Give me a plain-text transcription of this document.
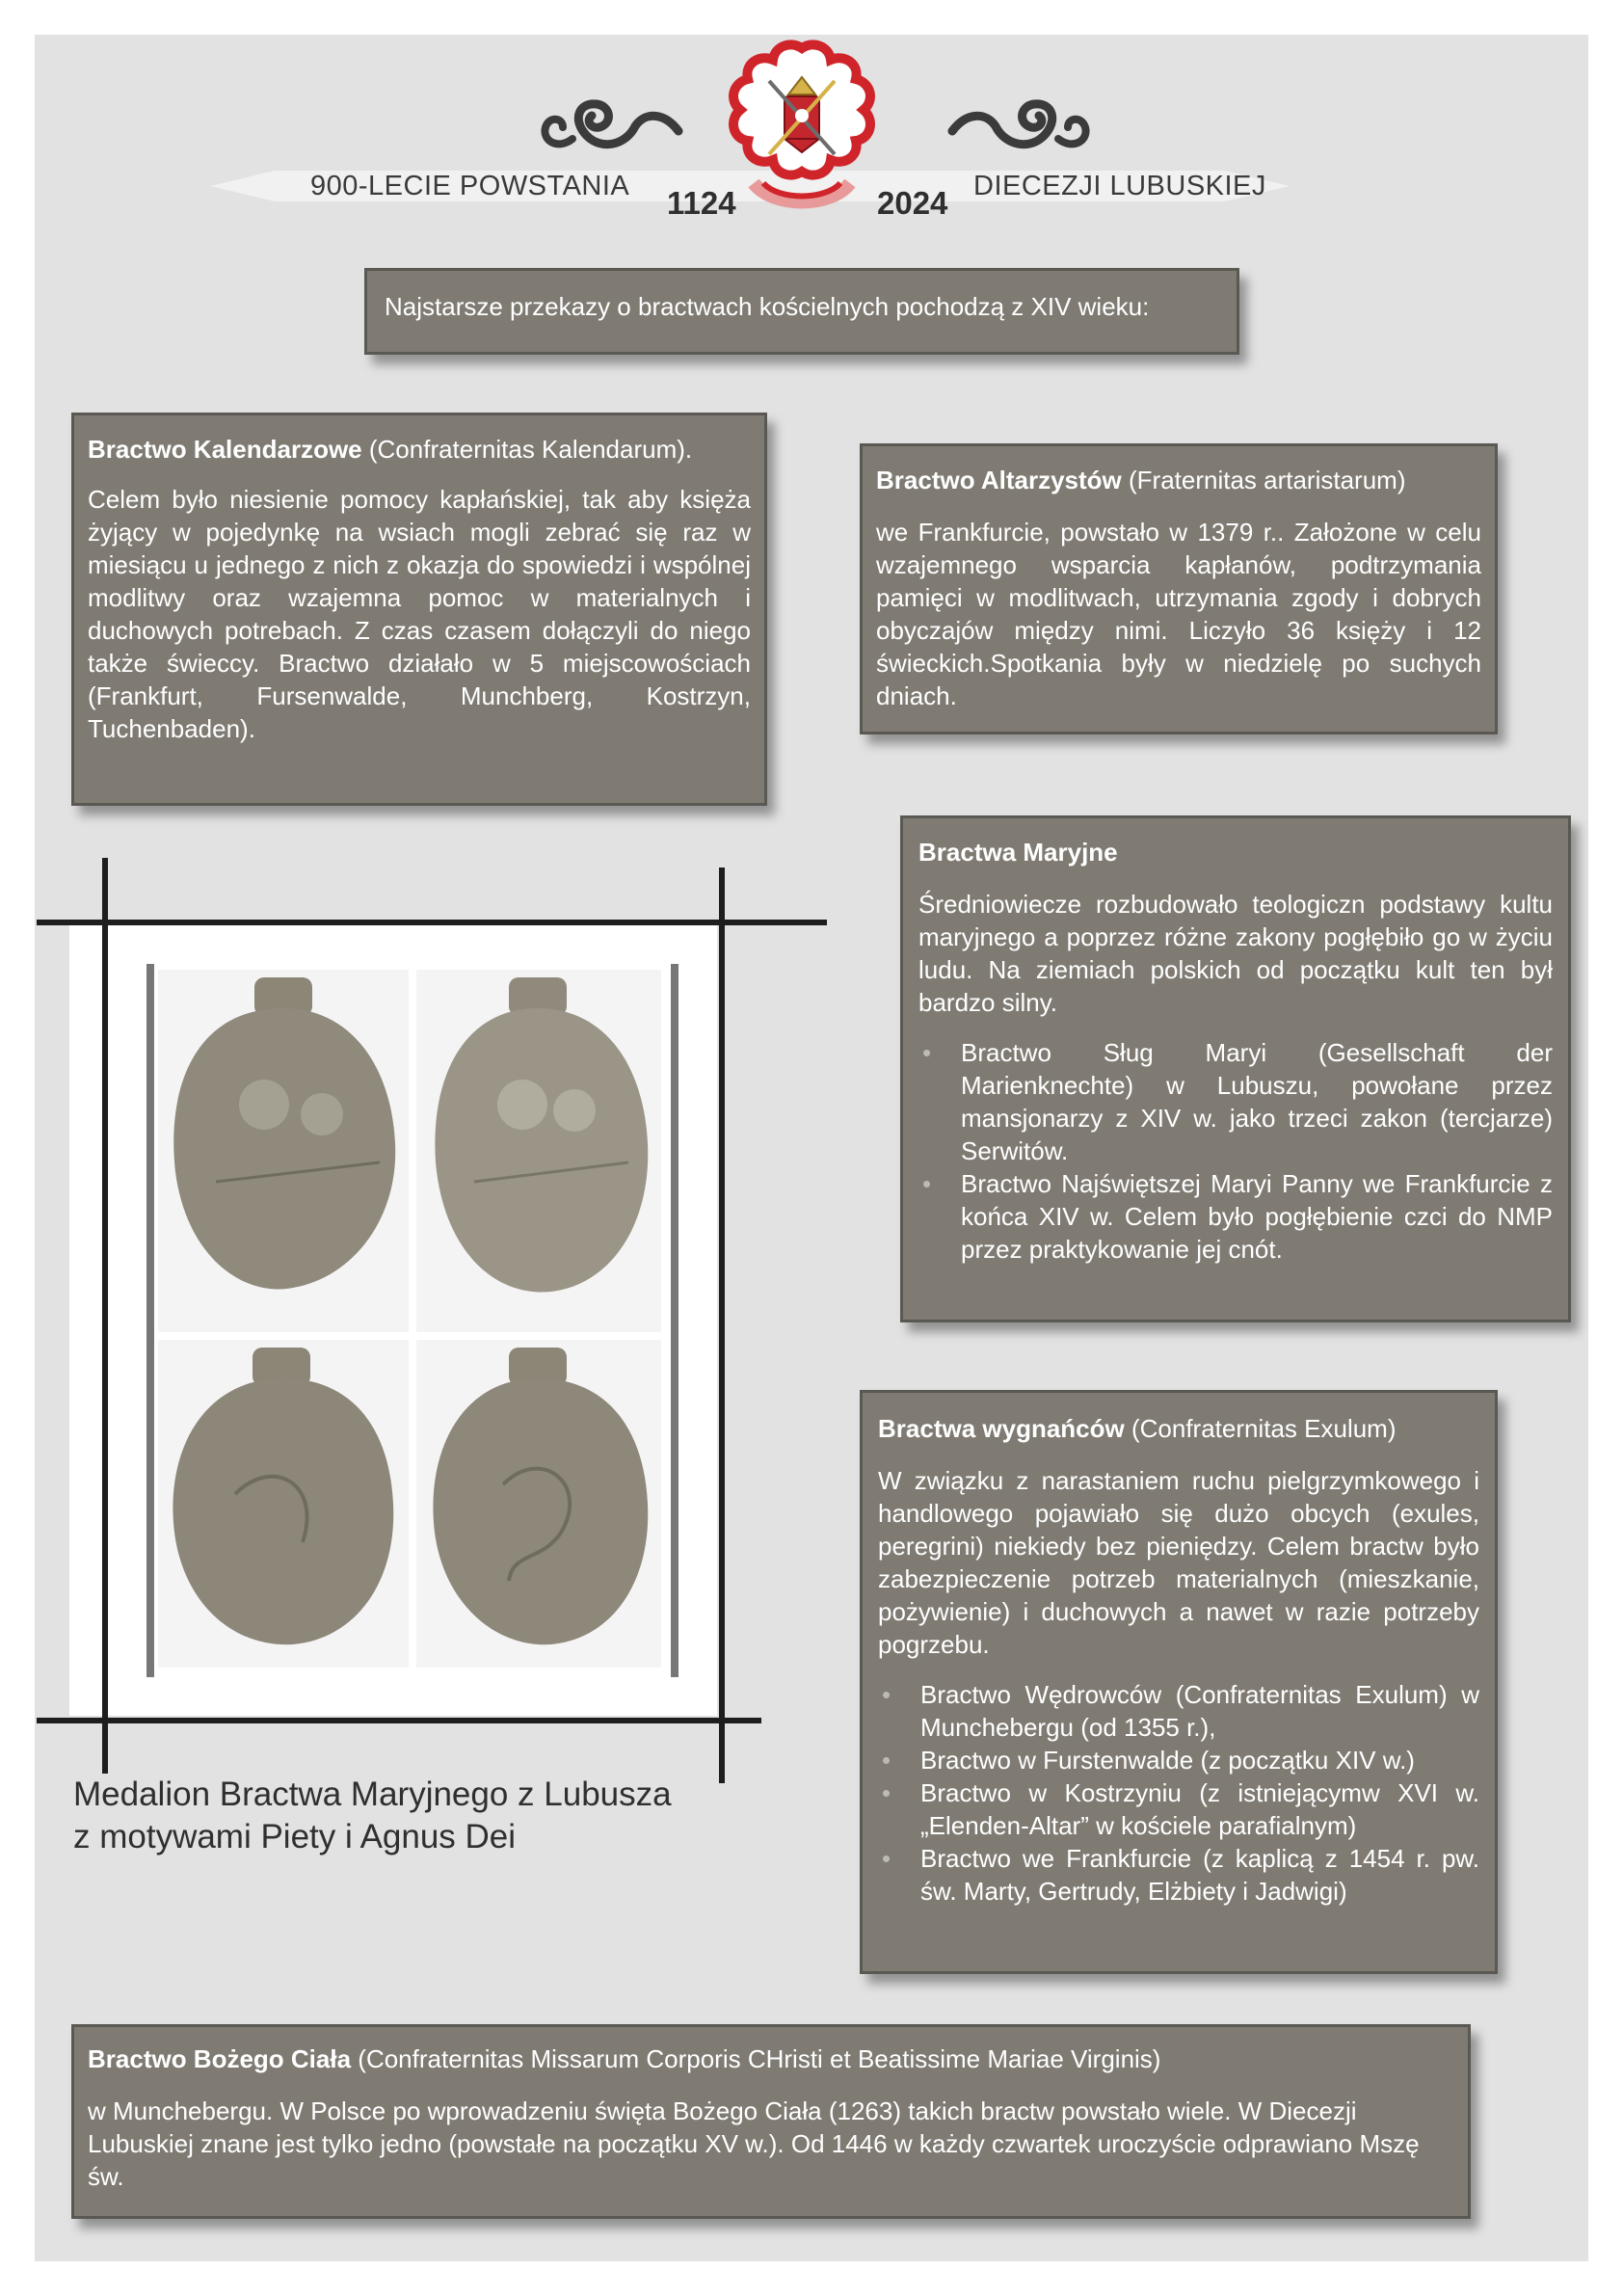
900-LECIE POWSTANIA 1124	2024 DIECEZJI LUBUSKIEJ
Najstarsze przekazy o bractwach kościelnych pochodzą z XIV wieku:

Bractwo Kalendarzowe (Confraternitas Kalendarum).

Celem było niesienie pomocy kapłańskiej, tak aby księża żyjący w pojedynkę na wsiach mogli zebrać się raz w miesiącu u jednego z nich z okazja do spowiedzi i wspólnej modlitwy oraz wzajemna pomoc w materialnych i duchowych potrebach. Z czas czasem dołączyli do niego także świeccy. Bractwo działało w 5 miejscowościach (Frankfurt, Fursenwalde, Munchberg, Kostrzyn, Tuchenbaden).

Bractwo Altarzystów (Fraternitas artaristarum)

we Frankfurcie, powstało w 1379 r.. Założone w celu wzajemnego wsparcia kapłanów, podtrzymania pamięci w modlitwach, utrzymania zgody i dobrych obyczajów między nimi. Liczyło 36 księży i 12 świeckich.Spotkania były w niedzielę po suchych dniach.

Bractwa Maryjne

Średniowiecze rozbudowało teologiczn podstawy kultu maryjnego a poprzez różne zakony pogłębiło go w życiu ludu. Na ziemiach polskich od początku kult ten był bardzo silny.

• Bractwo Sług Maryi (Gesellschaft der Marienknechte) w Lubuszu, powołane przez mansjonarzy z XIV w. jako trzeci zakon (tercjarze) Serwitów.
• Bractwo Najświętszej Maryi Panny we Frankfurcie z końca XIV w. Celem było pogłębienie czci do NMP przez praktykowanie jej cnót.

Bractwa wygnańców (Confraternitas Exulum)

W związku z narastaniem ruchu pielgrzymkowego i handlowego pojawiało się dużo obcych (exules, peregrini) niekiedy bez pieniędzy. Celem bractw było zabezpieczenie potrzeb materialnych (mieszkanie, pożywienie) i duchowych a nawet w razie potrzeby pogrzebu.

• Bractwo Wędrowców (Confraternitas Exulum) w Munchebergu (od 1355 r.),
• Bractwo w Furstenwalde (z początku XIV w.)
• Bractwo w Kostrzyniu (z istniejącymw XVI w. „Elenden-Altar” w kościele parafialnym)
• Bractwo we Frankfurcie (z kaplicą z 1454 r. pw. św. Marty, Gertrudy, Elżbiety i Jadwigi)

Bractwo Bożego Ciała (Confraternitas Missarum Corporis CHristi et Beatissime Mariae Virginis)

w Munchebergu. W Polsce po wprowadzeniu święta Bożego Ciała (1263) takich bractw powstało wiele. W Diecezji Lubuskiej znane jest tylko jedno (powstałe na początku XV w.). Od 1446 w każdy czwartek uroczyście odprawiano Mszę św.

Medalion Bractwa Maryjnego z Lubusza
z motywami Piety i Agnus Dei
